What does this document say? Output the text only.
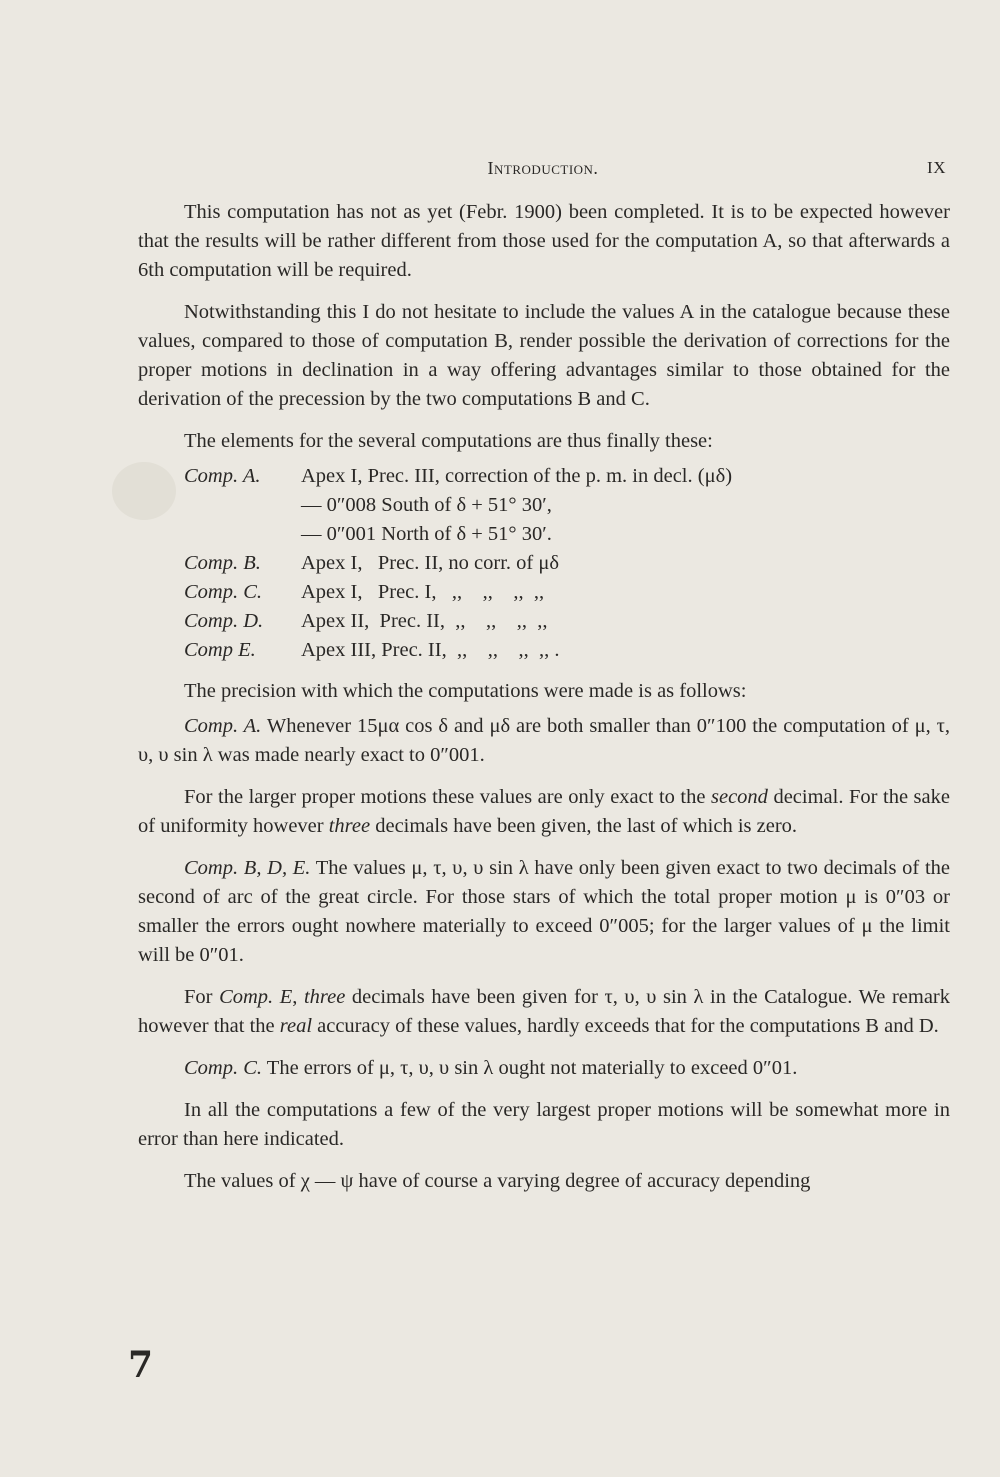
Introduction.	IX

This computation has not as yet (Febr. 1900) been completed. It is to be expected however that the results will be rather different from those used for the computation A, so that afterwards a 6th computation will be required.

Notwithstanding this I do not hesitate to include the values A in the catalogue because these values, compared to those of computation B, render possible the derivation of corrections for the proper motions in declination in a way offering advantages similar to those obtained for the derivation of the precession by the two computations B and C.

The elements for the several computations are thus finally these:

Comp. A.	Apex I, Prec. III, correction of the p. m. in decl. (μδ)
	— 0″008 South of δ + 51° 30′,
	— 0″001 North of δ + 51° 30′.
Comp. B.	Apex I,   Prec. II, no corr. of μδ
Comp. C.	Apex I,   Prec. I,   ,,    ,,    ,,  ,,
Comp. D.	Apex II,  Prec. II,  ,,    ,,    ,,  ,,
Comp E.	Apex III, Prec. II,  ,,    ,,    ,,  ,, .

The precision with which the computations were made is as follows:

Comp. A. Whenever 15μα cos δ and μδ are both smaller than 0″100 the computation of μ, τ, υ, υ sin λ was made nearly exact to 0″001.

For the larger proper motions these values are only exact to the second decimal. For the sake of uniformity however three decimals have been given, the last of which is zero.

Comp. B, D, E. The values μ, τ, υ, υ sin λ have only been given exact to two decimals of the second of arc of the great circle. For those stars of which the total proper motion μ is 0″03 or smaller the errors ought nowhere materially to exceed 0″005; for the larger values of μ the limit will be 0″01.

For Comp. E, three decimals have been given for τ, υ, υ sin λ in the Catalogue. We remark however that the real accuracy of these values, hardly exceeds that for the computations B and D.

Comp. C. The errors of μ, τ, υ, υ sin λ ought not materially to exceed 0″01.

In all the computations a few of the very largest proper motions will be somewhat more in error than here indicated.

The values of χ — ψ have of course a varying degree of accuracy depending

7
